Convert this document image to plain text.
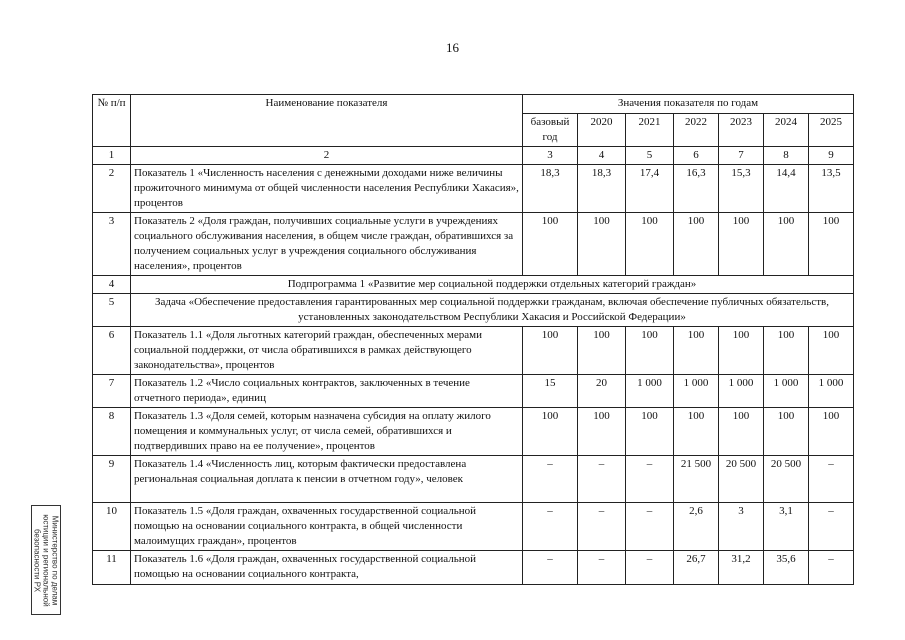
16
№ п/п	Наименование показателя	Значения показателя по годам						
		базовый год	2020	2021	2022	2023	2024	2025
1	2	3	4	5	6	7	8	9
2	Показатель 1 «Численность населения с денежными доходами ниже величины прожиточного минимума от общей численности населения Республики Хакасия», процентов	18,3	18,3	17,4	16,3	15,3	14,4	13,5
3	Показатель 2 «Доля граждан, получивших социальные услуги в учреждениях социального обслуживания населения, в общем числе граждан, обратившихся за получением социальных услуг в учреждения социального обслуживания населения», процентов	100	100	100	100	100	100	100
4	Подпрограмма 1 «Развитие мер социальной поддержки отдельных категорий граждан»							
5	Задача «Обеспечение предоставления гарантированных мер социальной поддержки гражданам, включая обеспечение публичных обязательств, установленных законодательством Республики Хакасия и Российской Федерации»							
6	Показатель 1.1 «Доля льготных категорий граждан, обеспеченных мерами социальной поддержки, от числа обратившихся в рамках действующего законодательства», процентов	100	100	100	100	100	100	100
7	Показатель 1.2 «Число социальных контрактов, заключенных в течение отчетного периода», единиц	15	20	1 000	1 000	1 000	1 000	1 000
8	Показатель 1.3 «Доля семей, которым назначена субсидия на оплату жилого помещения и коммунальных услуг, от числа семей, обратившихся и подтвердивших право на ее получение», процентов	100	100	100	100	100	100	100
9	Показатель 1.4 «Численность лиц, которым фактически предоставлена региональная социальная доплата к пенсии в отчетном году», человек	–	–	–	21 500	20 500	20 500	–
10	Показатель 1.5 «Доля граждан, охваченных государственной социальной помощью на основании социального контракта, в общей численности малоимущих граждан», процентов	–	–	–	2,6	3	3,1	–
11	Показатель 1.6 «Доля граждан, охваченных государственной социальной помощью на основании социального контракта,	–	–	–	26,7	31,2	35,6	–
Министерство по делам
юстиции и региональной
безопасности РХ
